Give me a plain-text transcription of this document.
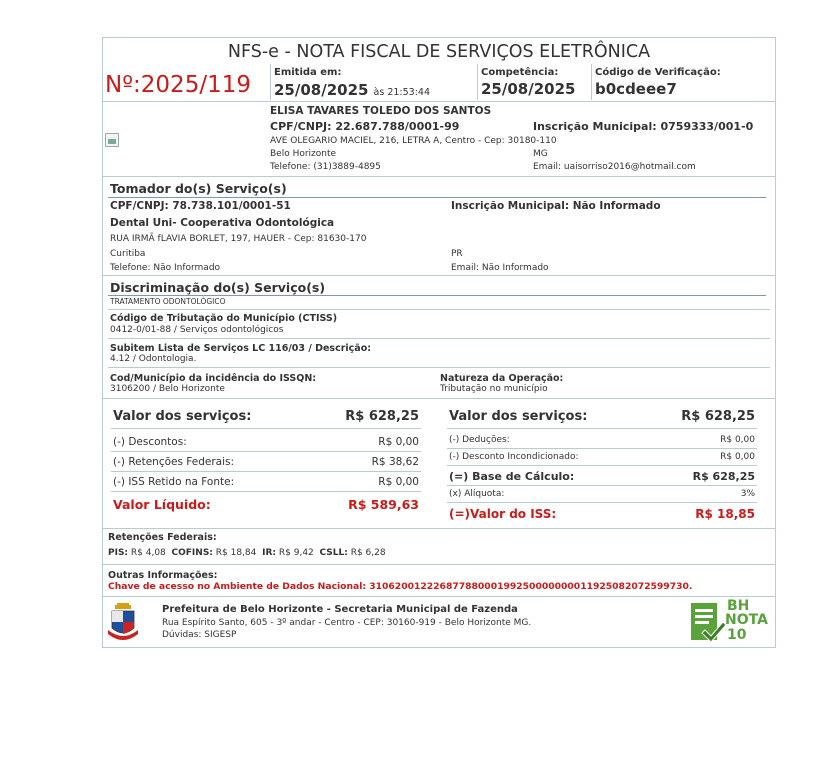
NFS-e - NOTA FISCAL DE SERVIÇOS ELETRÔNICA
Nº:2025/119 Emitida em:
25/08/2025 às 21:53:44
Competência:
25/08/2025
Código de Verificação:
b0cdeee7
ELISA TAVARES TOLEDO DOS SANTOS
CPF/CNPJ: 22.687.788/0001-99	Inscrição Municipal: 0759333/001-0
AVE OLEGARIO MACIEL, 216, LETRA A, Centro - Cep: 30180-110
Belo Horizonte	MG
Telefone: (31)3889-4895	Email: uaisorriso2016@hotmail.com
Tomador do(s) Serviço(s)
CPF/CNPJ: 78.738.101/0001-51	Inscrição Municipal: Não Informado
Dental Uni- Cooperativa Odontológica
RUA IRMÃ fLAVIA BORLET, 197, HAUER - Cep: 81630-170
Curitiba	PR
Telefone: Não Informado	Email: Não Informado
Discriminação do(s) Serviço(s)
TRATAMENTO ODONTOLÓGICO
Código de Tributação do Município (CTISS)
0412-0/01-88 / Serviços odontológicos
Subitem Lista de Serviços LC 116/03 / Descrição:
4.12 / Odontologia.
Cod/Município da incidência do ISSQN:
3106200 / Belo Horizonte
Natureza da Operação:
Tributação no município
Valor dos serviços:	R$ 628,25
(-) Descontos:	R$ 0,00
(-) Retenções Federais:	R$ 38,62
(-) ISS Retido na Fonte:	R$ 0,00
Valor Líquido:	R$ 589,63
Valor dos serviços:	R$ 628,25
(-) Deduções:	R$ 0,00
(-) Desconto Incondicionado:	R$ 0,00
(=) Base de Cálculo:	R$ 628,25
(x) Alíquota:	3%
(=)Valor do ISS:	R$ 18,85
Retenções Federais:
PIS: R$ 4,08 COFINS: R$ 18,84 IR: R$ 9,42 CSLL: R$ 6,28
Outras Informações:
Chave de acesso no Ambiente de Dados Nacional: 31062001222687788000199250000000011925082072599730.
Prefeitura de Belo Horizonte - Secretaria Municipal de Fazenda
Rua Espírito Santo, 605 - 3º andar - Centro - CEP: 30160-919 - Belo Horizonte MG.
Dúvidas: SIGESP
BH
NOTA
10
